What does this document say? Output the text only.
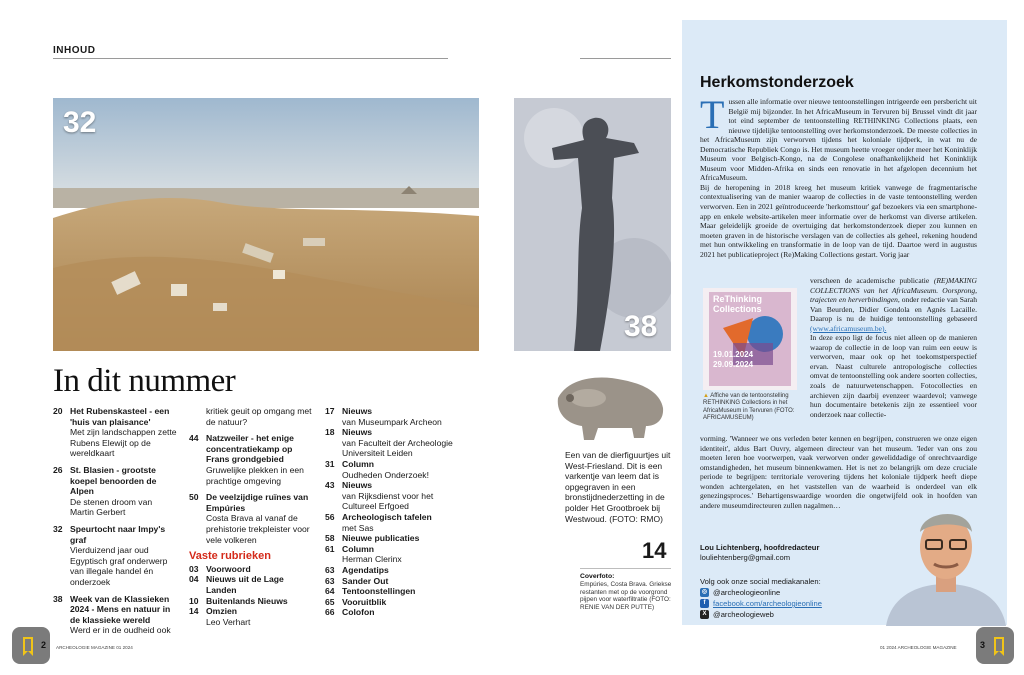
INHOUD
32
38
In dit nummer
20 Het Rubenskasteel - een 'huis van plaisance'
Met zijn landschappen zette Rubens Elewijt op de wereldkaart
26 St. Blasien - grootste koepel benoorden de Alpen
De stenen droom van Martin Gerbert
32 Speurtocht naar Impy's graf
Vierduizend jaar oud Egyptisch graf onderwerp van illegale handel én onderzoek
38 Week van de Klassieken 2024 - Mens en natuur in de klassieke wereld
Werd er in de oudheid ook
kritiek geuit op omgang met de natuur?
44 Natzweiler - het enige concentratiekamp op Frans grondgebied
Gruwelijke plekken in een prachtige omgeving
50 De veelzijdige ruïnes van Empúries
Costa Brava al vanaf de prehistorie trekpleister voor vele volkeren
Vaste rubrieken
03 Voorwoord
04 Nieuws uit de Lage Landen
10 Buitenlands Nieuws
14 Omzien
Leo Verhart
17 Nieuws
van Museumpark Archeon
18 Nieuws
van Faculteit der Archeologie Universiteit Leiden
31 Column
Oudheden Onderzoek!
43 Nieuws
van Rijksdienst voor het Cultureel Erfgoed
56 Archeologisch tafelen
met Sas
58 Nieuwe publicaties
61 Column
Herman Clerinx
63 Agendatips
63 Sander Out
64 Tentoonstellingen
65 Vooruitblik
66 Colofon
Een van de dierfiguurtjes uit West-Friesland. Dit is een varkentje van leem dat is opgegraven in een bronstijdnederzetting in de polder Het Grootbroek bij Westwoud. (FOTO: RMO)
14
Coverfoto:
Empúries, Costa Brava. Griekse restanten met op de voorgrond pijpen voor waterfiltratie (FOTO: RENIE VAN DER PUTTE)
Herkomstonderzoek
Tussen alle informatie over nieuwe tentoonstellingen intrigeerde een persbericht uit België mij bijzonder. In het AfricaMuseum in Tervuren bij Brussel vindt dit jaar tot eind september de tentoonstelling RETHINKING Collections plaats, een nieuwe tijdelijke tentoonstelling over herkomstonderzoek. De meeste collecties in het AfricaMuseum zijn verworven tijdens het koloniale tijdperk, in wat nu de Democratische Republiek Congo is. Het museum heette vroeger onder meer het Koninklijk Museum voor Belgisch-Kongo, na de Congolese onafhankelijkheid het Koninklijk Museum voor Midden-Afrika en sinds een renovatie in het afgelopen decennium het AfricaMuseum.
Bij de heropening in 2018 kreeg het museum kritiek vanwege de fragmentarische contextualisering van de manier waarop de collecties in de vaste tentoonstelling werden verworven. Een in 2021 geïntroduceerde 'herkomsttour' gaf bezoekers via een smartphone-app en enkele website-artikelen meer informatie over de herkomst van diverse artikelen. Maar geleidelijk groeide de overtuiging dat herkomstonderzoek dieper zou kunnen en moeten graven in de historische verslagen van de collecties als geheel, rekening houdend met hun ontwikkeling en transformatie in de loop van de tijd. Daartoe werd in augustus 2021 het publicatieproject (Re)Making Collections gestart. Vorig jaar
ReThinking Collections
19.01.2024 29.09.2024
▲ Affiche van de tentoonstelling RETHINKING Collections in het AfricaMuseum in Tervuren (FOTO: AFRICAMUSEUM)
verscheen de academische publicatie (RE)MAKING COLLECTIONS van het AfricaMuseum. Oorsprong, trajecten en herverbindingen, onder redactie van Sarah Van Beurden, Didier Gondola en Agnès Lacaille. Daarop is nu de huidige tentoonstelling gebaseerd (www.africamuseum.be).
In deze expo ligt de focus niet alleen op de manieren waarop de collectie in de loop van ruim een eeuw is verworven, maar ook op het toekomstperspectief ervan. Naast culturele antropologische collecties omvat de tentoonstelling ook andere soorten collecties, zoals de natuurwetenschappen. Fotocollecties en archieven zijn daarbij evenzeer waardevol; vanwege hun documentaire betekenis zijn ze essentieel voor onderzoek naar collectie-
vorming. 'Wanneer we ons verleden beter kennen en begrijpen, construeren we onze eigen identiteit', aldus Bart Ouvry, algemeen directeur van het museum. 'Ieder van ons zou moeten leren hoe voorwerpen, vaak verworven onder geweliddadige of onrechtvaardige omstandigheden, het museum binnenkwamen. Het is net zo belangrijk om deze cruciale periode te begrijpen: territoriale verovering tijdens het koloniale tijdperk heeft diepe wonden achtergelaten, en het vaststellen van de waarheid is onderdeel van elk genezingsproces.' Behartigenswaardige woorden die ongetwijfeld ook in hoofden van andere museumdirecteuren zullen nagalmen…
Lou Lichtenberg, hoofdredacteur
louliehtenberg@gmail.com
Volg ook onze social mediakanalen:
◎ @archeologieonline
f facebook.com/archeologieonline
X @archeologieweb
2 ARCHEOLOGIE MAGAZINE 01 2024	01 2024 ARCHEOLOGIE MAGAZINE	3
